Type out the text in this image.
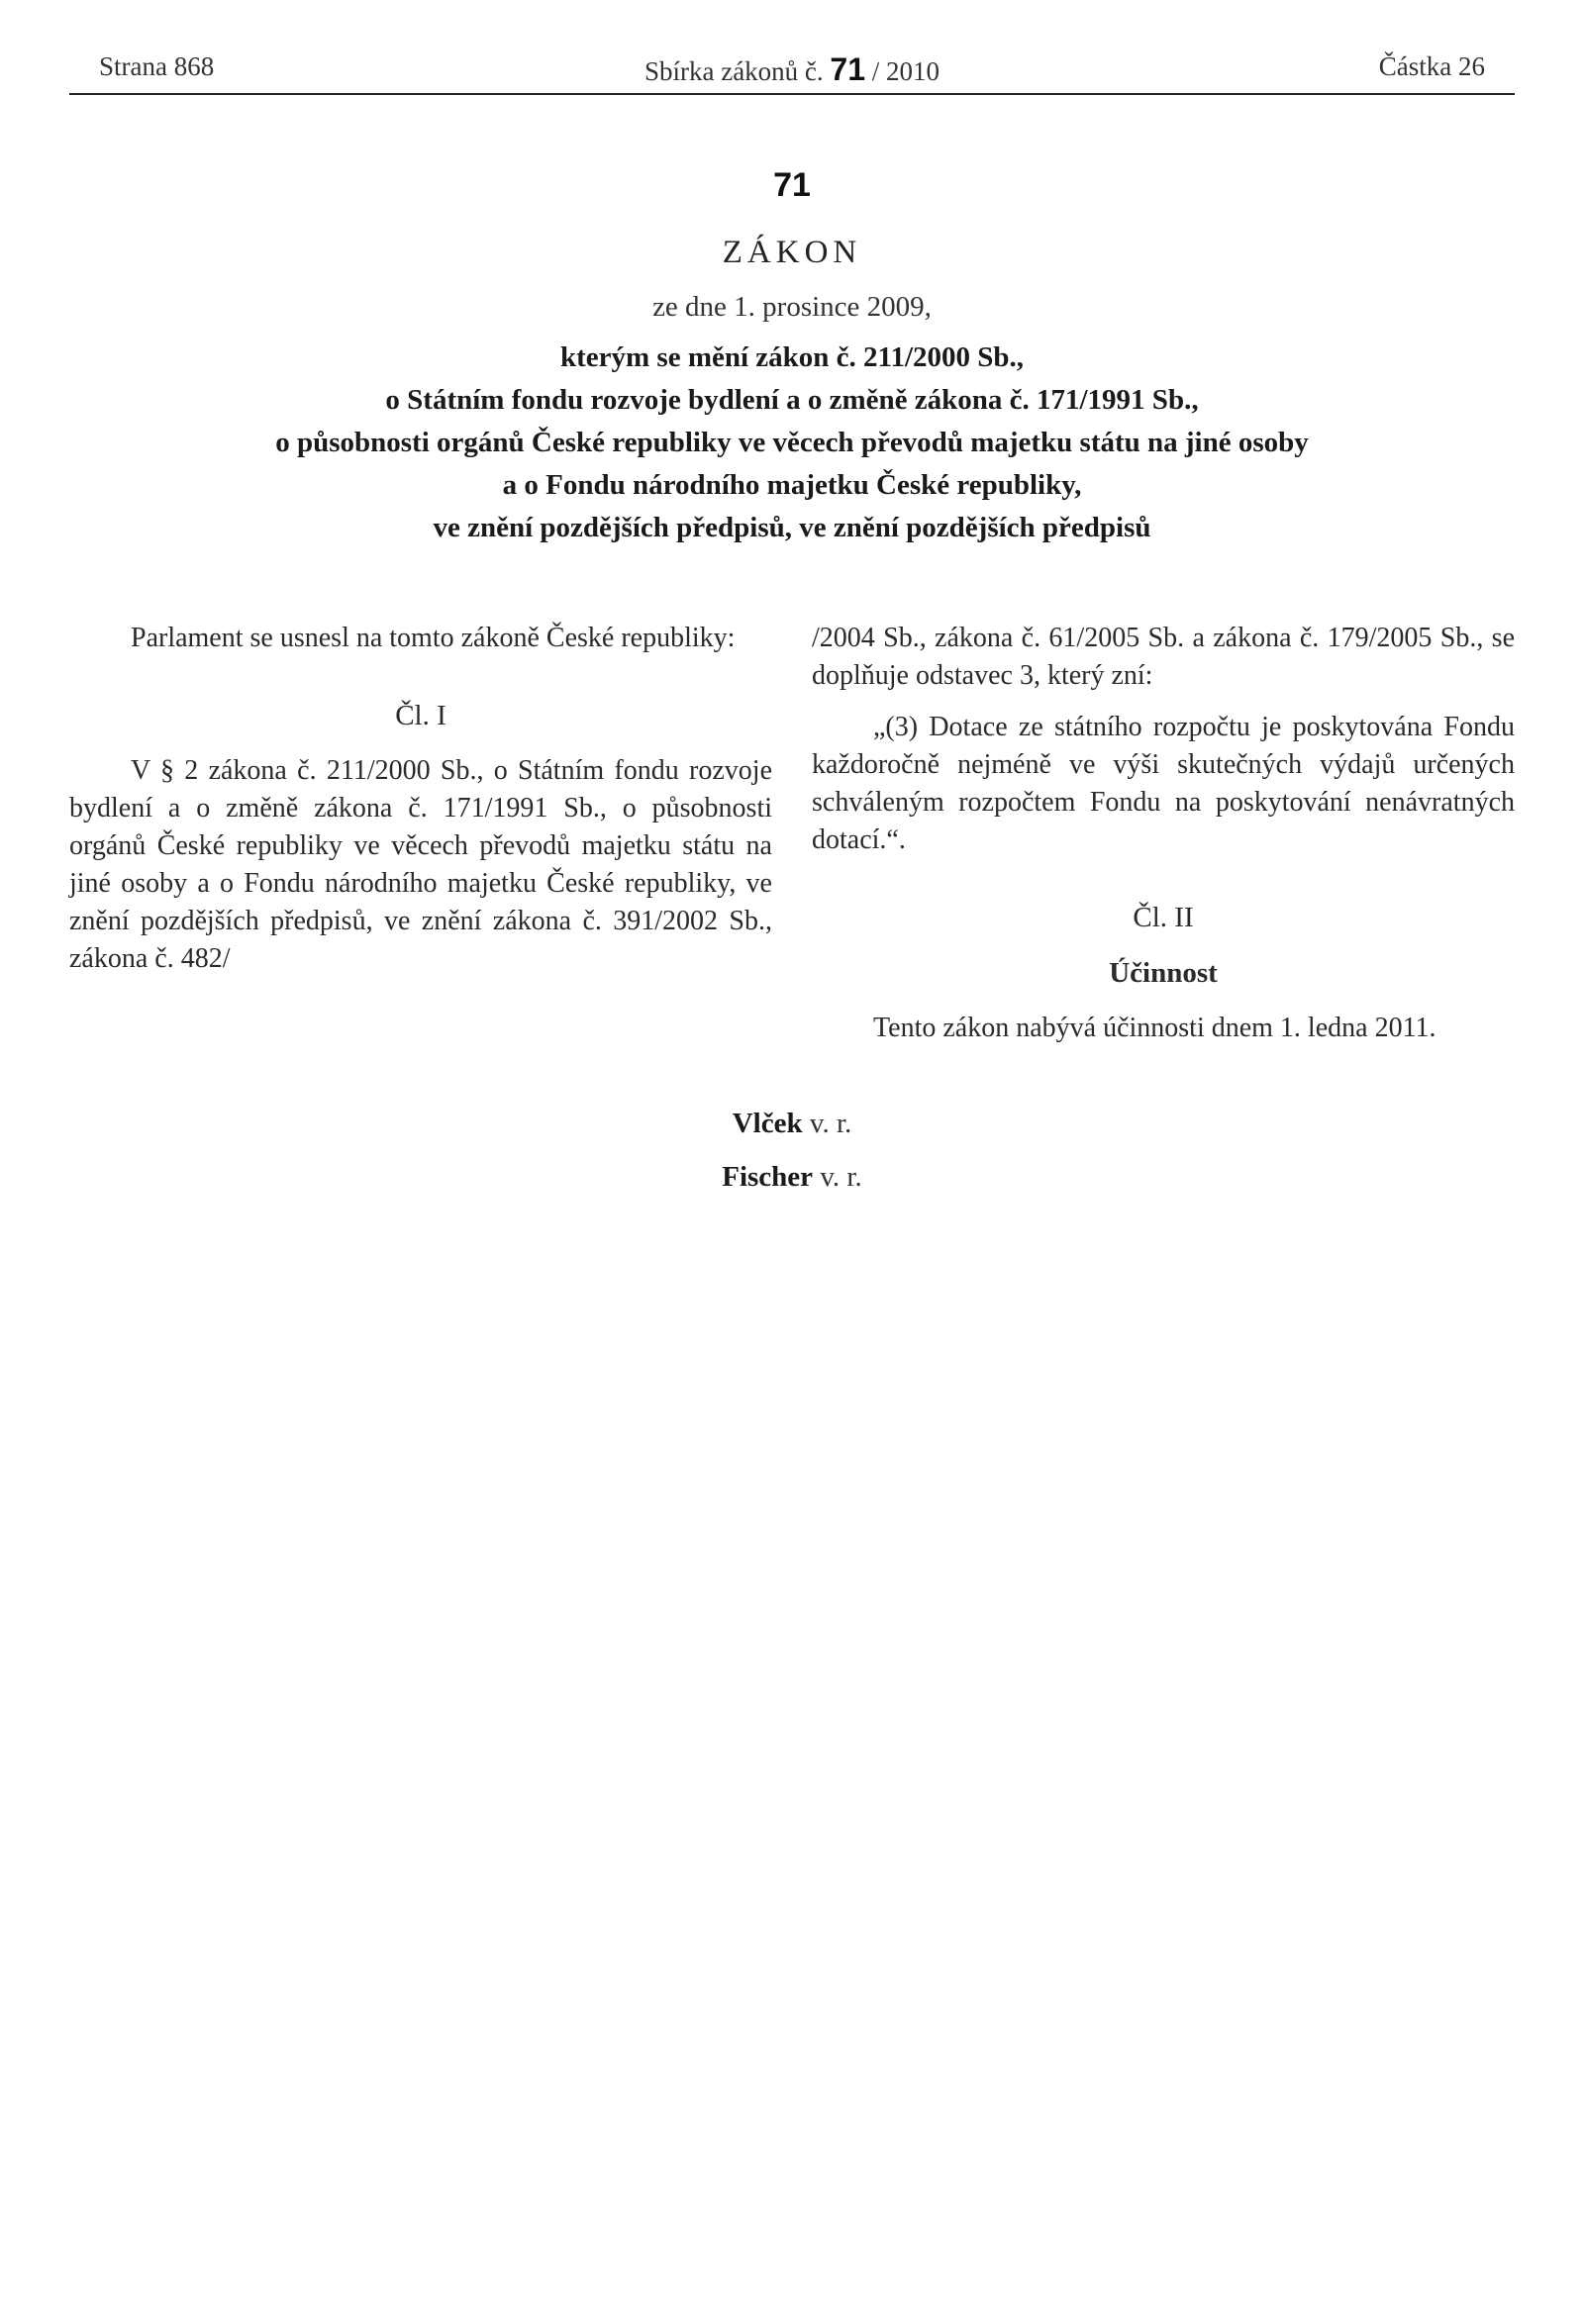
Strana 868	Sbírka zákonů č. 71 / 2010	Částka 26
71
ZÁKON
ze dne 1. prosince 2009,
kterým se mění zákon č. 211/2000 Sb.,
o Státním fondu rozvoje bydlení a o změně zákona č. 171/1991 Sb.,
o působnosti orgánů České republiky ve věcech převodů majetku státu na jiné osoby
a o Fondu národního majetku České republiky,
ve znění pozdějších předpisů, ve znění pozdějších předpisů

Parlament se usnesl na tomto zákoně České republiky:

Čl. I

V § 2 zákona č. 211/2000 Sb., o Státním fondu rozvoje bydlení a o změně zákona č. 171/1991 Sb., o působnosti orgánů České republiky ve věcech převodů majetku státu na jiné osoby a o Fondu národního majetku České republiky, ve znění pozdějších předpisů, ve znění zákona č. 391/2002 Sb., zákona č. 482/

/2004 Sb., zákona č. 61/2005 Sb. a zákona č. 179/2005 Sb., se doplňuje odstavec 3, který zní:

„(3) Dotace ze státního rozpočtu je poskytována Fondu každoročně nejméně ve výši skutečných výdajů určených schváleným rozpočtem Fondu na poskytování nenávratných dotací.“.

Čl. II
Účinnost

Tento zákon nabývá účinnosti dnem 1. ledna 2011.

Vlček v. r.
Fischer v. r.
